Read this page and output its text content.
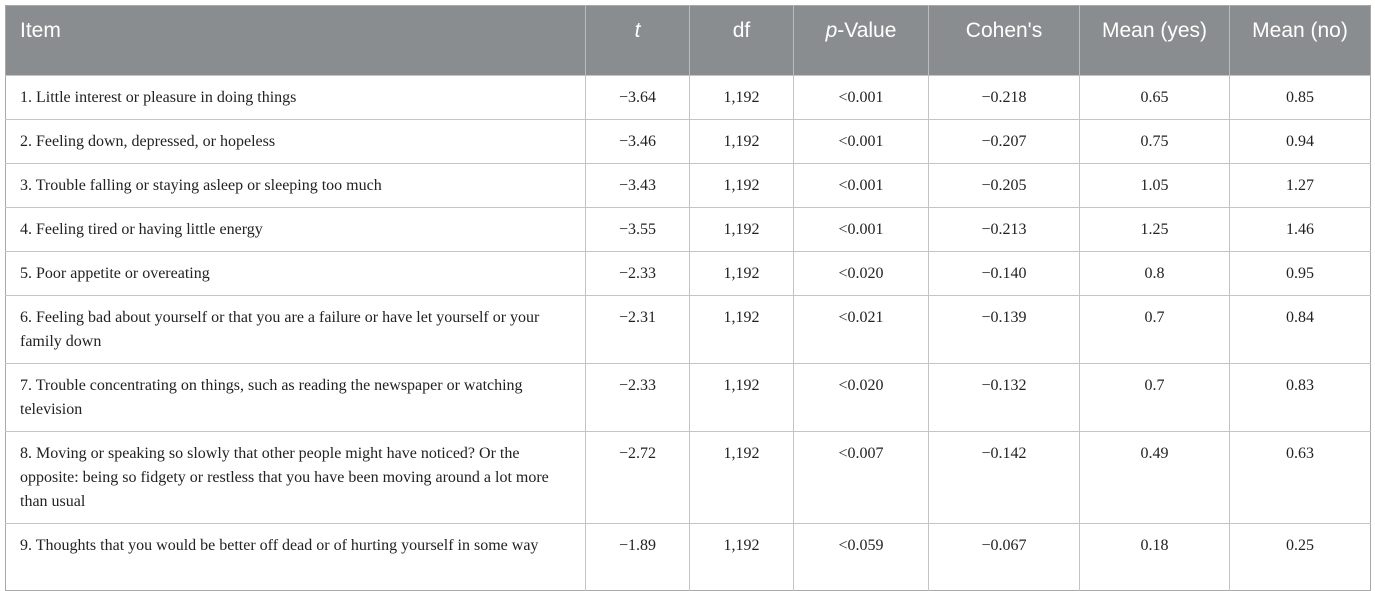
Item	t	df	p-Value	Cohen's	Mean (yes)	Mean (no)
1. Little interest or pleasure in doing things	−3.64	1,192	<0.001	−0.218	0.65	0.85
2. Feeling down, depressed, or hopeless	−3.46	1,192	<0.001	−0.207	0.75	0.94
3. Trouble falling or staying asleep or sleeping too much	−3.43	1,192	<0.001	−0.205	1.05	1.27
4. Feeling tired or having little energy	−3.55	1,192	<0.001	−0.213	1.25	1.46
5. Poor appetite or overeating	−2.33	1,192	<0.020	−0.140	0.8	0.95
6. Feeling bad about yourself or that you are a failure or have let yourself or your family down	−2.31	1,192	<0.021	−0.139	0.7	0.84
7. Trouble concentrating on things, such as reading the newspaper or watching television	−2.33	1,192	<0.020	−0.132	0.7	0.83
8. Moving or speaking so slowly that other people might have noticed? Or the opposite: being so fidgety or restless that you have been moving around a lot more than usual	−2.72	1,192	<0.007	−0.142	0.49	0.63
9. Thoughts that you would be better off dead or of hurting yourself in some way	−1.89	1,192	<0.059	−0.067	0.18	0.25
